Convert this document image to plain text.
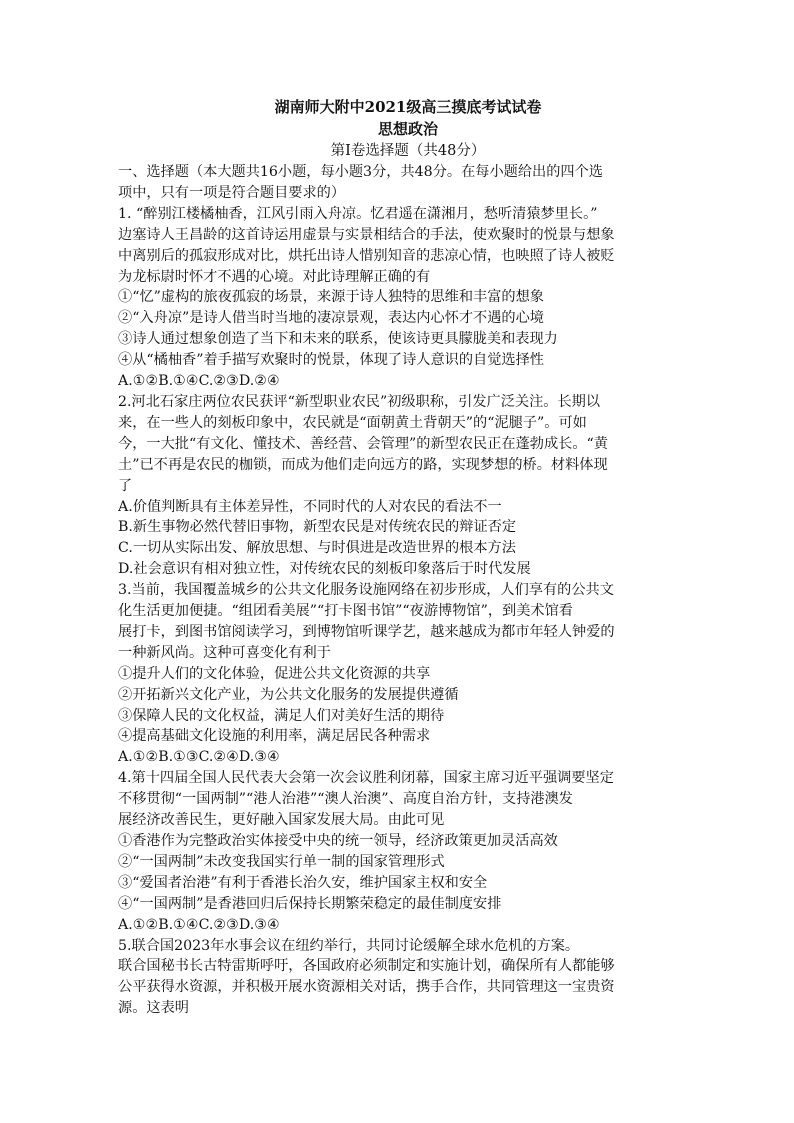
湖南师大附中2021级高三摸底考试试卷
思想政治
第Ⅰ卷选择题（共48分）
一、选择题（本大题共16小题，每小题3分，共48分。在每小题给出的四个选
项中，只有一项是符合题目要求的）
1. “醉别江楼橘柚香，江风引雨入舟凉。忆君遥在潇湘月，愁听清猿梦里长。”
边塞诗人王昌龄的这首诗运用虚景与实景相结合的手法，使欢聚时的悦景与想象
中离别后的孤寂形成对比，烘托出诗人惜别知音的悲凉心情，也映照了诗人被贬
为龙标尉时怀才不遇的心境。对此诗理解正确的有
①“忆”虚构的旅夜孤寂的场景，来源于诗人独特的思维和丰富的想象
②“入舟凉”是诗人借当时当地的凄凉景观，表达内心怀才不遇的心境
③诗人通过想象创造了当下和未来的联系，使该诗更具朦胧美和表现力
④从“橘柚香”着手描写欢聚时的悦景，体现了诗人意识的自觉选择性
A.①②B.①④C.②③D.②④
2.河北石家庄两位农民获评“新型职业农民”初级职称，引发广泛关注。长期以
来，在一些人的刻板印象中，农民就是“面朝黄土背朝天”的“泥腿子”。可如
今，一大批“有文化、懂技术、善经营、会管理”的新型农民正在蓬勃成长。“黄
土”已不再是农民的枷锁，而成为他们走向远方的路，实现梦想的桥。材料体现
了
A.价值判断具有主体差异性，不同时代的人对农民的看法不一
B.新生事物必然代替旧事物，新型农民是对传统农民的辩证否定
C.一切从实际出发、解放思想、与时俱进是改造世界的根本方法
D.社会意识有相对独立性，对传统农民的刻板印象落后于时代发展
3.当前，我国覆盖城乡的公共文化服务设施网络在初步形成，人们享有的公共文
化生活更加便捷。“组团看美展”“打卡图书馆”“夜游博物馆”，到美术馆看
展打卡，到图书馆阅读学习，到博物馆听课学艺，越来越成为都市年轻人钟爱的
一种新风尚。这种可喜变化有利于
①提升人们的文化体验，促进公共文化资源的共享
②开拓新兴文化产业，为公共文化服务的发展提供遵循
③保障人民的文化权益，满足人们对美好生活的期待
④提高基础文化设施的利用率，满足居民各种需求
A.①②B.①③C.②④D.③④
4.第十四届全国人民代表大会第一次会议胜利闭幕，国家主席习近平强调要坚定
不移贯彻“一国两制”“港人治港”“澳人治澳”、高度自治方针，支持港澳发
展经济改善民生，更好融入国家发展大局。由此可见
①香港作为完整政治实体接受中央的统一领导，经济政策更加灵活高效
②“一国两制”未改变我国实行单一制的国家管理形式
③“爱国者治港”有利于香港长治久安，维护国家主权和安全
④“一国两制”是香港回归后保持长期繁荣稳定的最佳制度安排
A.①②B.①④C.②③D.③④
5.联合国2023年水事会议在纽约举行，共同讨论缓解全球水危机的方案。
联合国秘书长古特雷斯呼吁，各国政府必须制定和实施计划，确保所有人都能够
公平获得水资源，并积极开展水资源相关对话，携手合作，共同管理这一宝贵资
源。这表明
